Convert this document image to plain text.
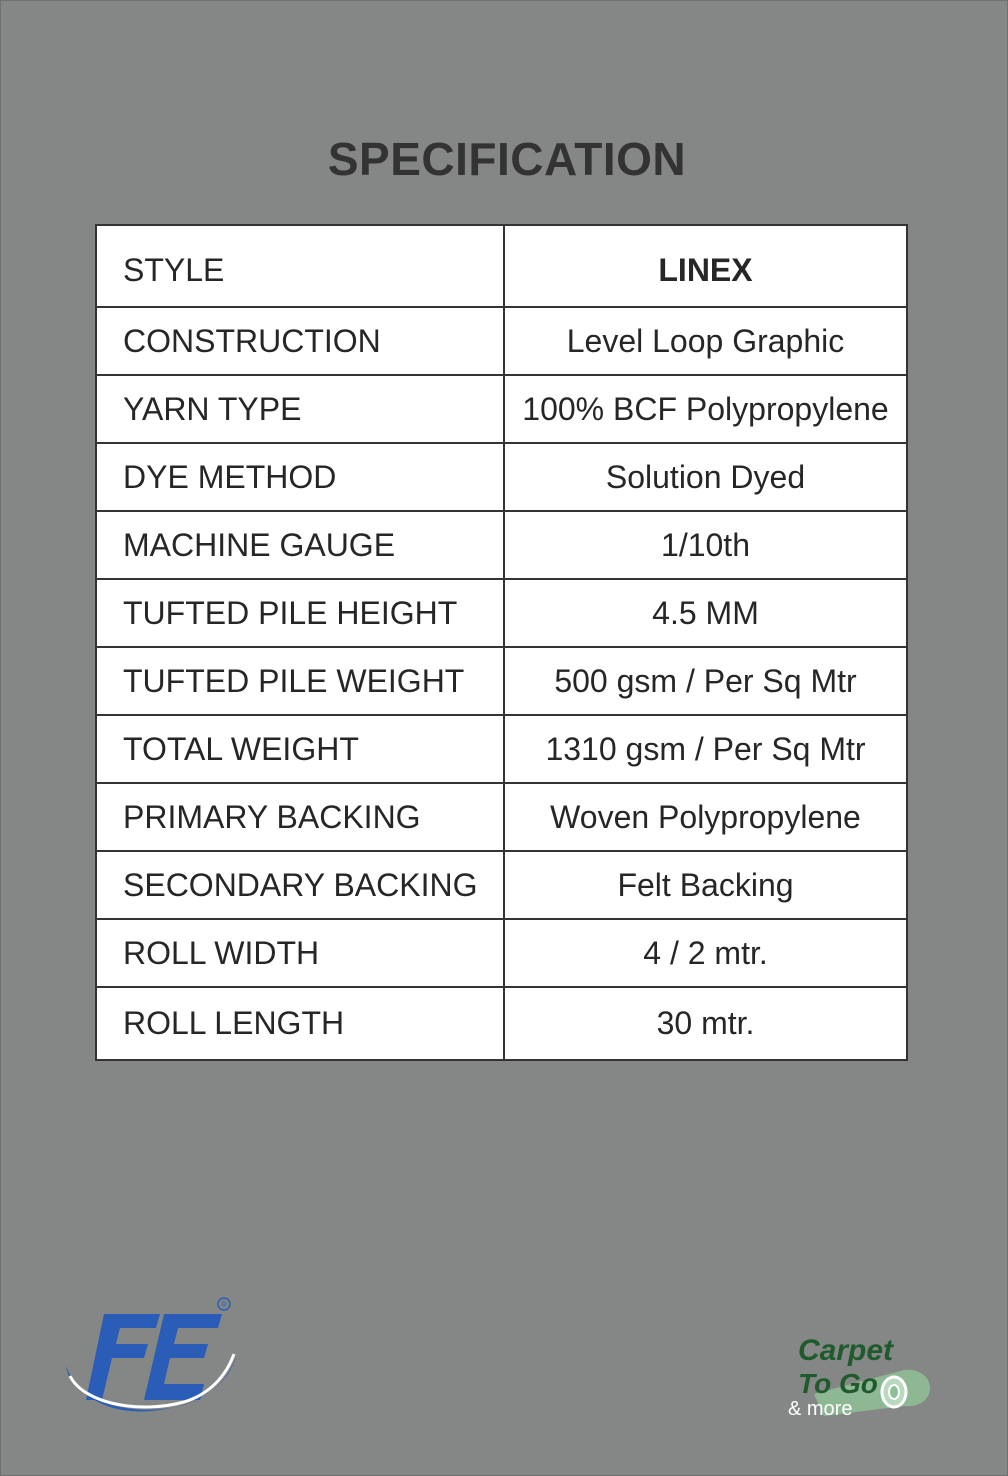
SPECIFICATION
STYLE	LINEX
CONSTRUCTION	Level Loop Graphic
YARN TYPE	100% BCF Polypropylene
DYE METHOD	Solution Dyed
MACHINE GAUGE	1/10th
TUFTED PILE HEIGHT	4.5 MM
TUFTED PILE WEIGHT	500 gsm / Per Sq Mtr
TOTAL WEIGHT	1310 gsm / Per Sq Mtr
PRIMARY BACKING	Woven Polypropylene
SECONDARY BACKING	Felt Backing
ROLL WIDTH	4 / 2 mtr.
ROLL LENGTH	30 mtr.
®
Carpet
To Go
& more
